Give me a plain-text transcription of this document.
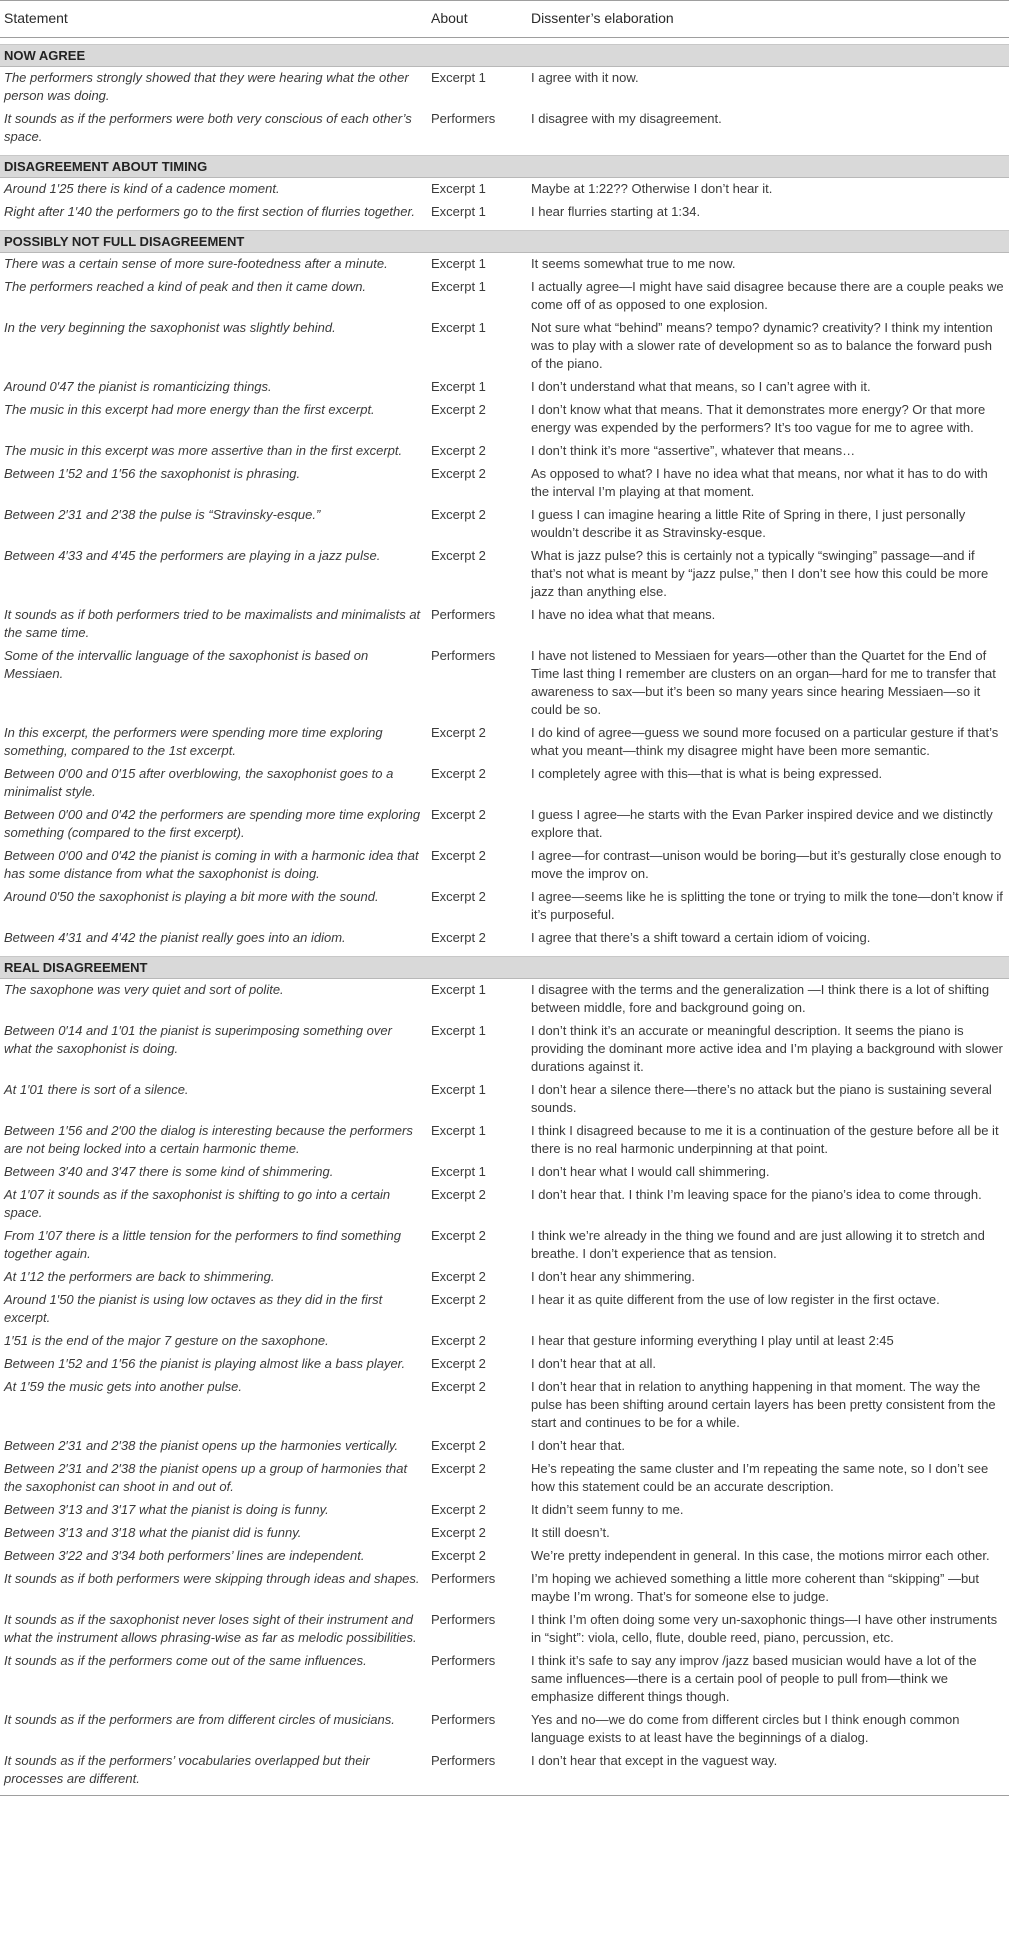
Statement	About	Dissenter’s elaboration

NOW AGREE		
The performers strongly showed that they were hearing what the other person was doing.	Excerpt 1	I agree with it now.
It sounds as if the performers were both very conscious of each other’s space.	Performers	I disagree with my disagreement.

DISAGREEMENT ABOUT TIMING		
Around 1′25 there is kind of a cadence moment.	Excerpt 1	Maybe at 1:22?? Otherwise I don’t hear it.
Right after 1′40 the performers go to the first section of flurries together.	Excerpt 1	I hear flurries starting at 1:34.

POSSIBLY NOT FULL DISAGREEMENT		
There was a certain sense of more sure-footedness after a minute.	Excerpt 1	It seems somewhat true to me now.
The performers reached a kind of peak and then it came down.	Excerpt 1	I actually agree—I might have said disagree because there are a couple peaks we come off of as opposed to one explosion.
In the very beginning the saxophonist was slightly behind.	Excerpt 1	Not sure what “behind” means? tempo? dynamic? creativity? I think my intention was to play with a slower rate of development so as to balance the forward push of the piano.
Around 0′47 the pianist is romanticizing things.	Excerpt 1	I don’t understand what that means, so I can’t agree with it.
The music in this excerpt had more energy than the first excerpt.	Excerpt 2	I don’t know what that means. That it demonstrates more energy? Or that more energy was expended by the performers? It’s too vague for me to agree with.
The music in this excerpt was more assertive than in the first excerpt.	Excerpt 2	I don’t think it’s more “assertive”, whatever that means…
Between 1′52 and 1′56 the saxophonist is phrasing.	Excerpt 2	As opposed to what? I have no idea what that means, nor what it has to do with the interval I’m playing at that moment.
Between 2′31 and 2′38 the pulse is “Stravinsky-esque.”	Excerpt 2	I guess I can imagine hearing a little Rite of Spring in there, I just personally wouldn’t describe it as Stravinsky-esque.
Between 4′33 and 4′45 the performers are playing in a jazz pulse.	Excerpt 2	What is jazz pulse? this is certainly not a typically “swinging” passage—and if that’s not what is meant by “jazz pulse,” then I don’t see how this could be more jazz than anything else.
It sounds as if both performers tried to be maximalists and minimalists at the same time.	Performers	I have no idea what that means.
Some of the intervallic language of the saxophonist is based on Messiaen.	Performers	I have not listened to Messiaen for years—other than the Quartet for the End of Time last thing I remember are clusters on an organ—hard for me to transfer that awareness to sax—but it’s been so many years since hearing Messiaen—so it could be so.
In this excerpt, the performers were spending more time exploring something, compared to the 1st excerpt.	Excerpt 2	I do kind of agree—guess we sound more focused on a particular gesture if that’s what you meant—think my disagree might have been more semantic.
Between 0′00 and 0′15 after overblowing, the saxophonist goes to a minimalist style.	Excerpt 2	I completely agree with this—that is what is being expressed.
Between 0′00 and 0′42 the performers are spending more time exploring something (compared to the first excerpt).	Excerpt 2	I guess I agree—he starts with the Evan Parker inspired device and we distinctly explore that.
Between 0′00 and 0′42 the pianist is coming in with a harmonic idea that has some distance from what the saxophonist is doing.	Excerpt 2	I agree—for contrast—unison would be boring—but it’s gesturally close enough to move the improv on.
Around 0′50 the saxophonist is playing a bit more with the sound.	Excerpt 2	I agree—seems like he is splitting the tone or trying to milk the tone—don’t know if it’s purposeful.
Between 4′31 and 4′42 the pianist really goes into an idiom.	Excerpt 2	I agree that there’s a shift toward a certain idiom of voicing.

REAL DISAGREEMENT		
The saxophone was very quiet and sort of polite.	Excerpt 1	I disagree with the terms and the generalization —I think there is a lot of shifting between middle, fore and background going on.
Between 0′14 and 1′01 the pianist is superimposing something over what the saxophonist is doing.	Excerpt 1	I don’t think it’s an accurate or meaningful description. It seems the piano is providing the dominant more active idea and I’m playing a background with slower durations against it.
At 1′01 there is sort of a silence.	Excerpt 1	I don’t hear a silence there—there’s no attack but the piano is sustaining several sounds.
Between 1′56 and 2′00 the dialog is interesting because the performers are not being locked into a certain harmonic theme.	Excerpt 1	I think I disagreed because to me it is a continuation of the gesture before all be it there is no real harmonic underpinning at that point.
Between 3′40 and 3′47 there is some kind of shimmering.	Excerpt 1	I don’t hear what I would call shimmering.
At 1′07 it sounds as if the saxophonist is shifting to go into a certain space.	Excerpt 2	I don’t hear that. I think I’m leaving space for the piano’s idea to come through.
From 1′07 there is a little tension for the performers to find something together again.	Excerpt 2	I think we’re already in the thing we found and are just allowing it to stretch and breathe. I don’t experience that as tension.
At 1′12 the performers are back to shimmering.	Excerpt 2	I don’t hear any shimmering.
Around 1′50 the pianist is using low octaves as they did in the first excerpt.	Excerpt 2	I hear it as quite different from the use of low register in the first octave.
1′51 is the end of the major 7 gesture on the saxophone.	Excerpt 2	I hear that gesture informing everything I play until at least 2:45
Between 1′52 and 1′56 the pianist is playing almost like a bass player.	Excerpt 2	I don’t hear that at all.
At 1′59 the music gets into another pulse.	Excerpt 2	I don’t hear that in relation to anything happening in that moment. The way the pulse has been shifting around certain layers has been pretty consistent from the start and continues to be for a while.
Between 2′31 and 2′38 the pianist opens up the harmonies vertically.	Excerpt 2	I don’t hear that.
Between 2′31 and 2′38 the pianist opens up a group of harmonies that the saxophonist can shoot in and out of.	Excerpt 2	He’s repeating the same cluster and I’m repeating the same note, so I don’t see how this statement could be an accurate description.
Between 3′13 and 3′17 what the pianist is doing is funny.	Excerpt 2	It didn’t seem funny to me.
Between 3′13 and 3′18 what the pianist did is funny.	Excerpt 2	It still doesn’t.
Between 3′22 and 3′34 both performers’ lines are independent.	Excerpt 2	We’re pretty independent in general. In this case, the motions mirror each other.
It sounds as if both performers were skipping through ideas and shapes.	Performers	I’m hoping we achieved something a little more coherent than “skipping” —but maybe I’m wrong. That’s for someone else to judge.
It sounds as if the saxophonist never loses sight of their instrument and what the instrument allows phrasing-wise as far as melodic possibilities.	Performers	I think I’m often doing some very un-saxophonic things—I have other instruments in “sight”: viola, cello, flute, double reed, piano, percussion, etc.
It sounds as if the performers come out of the same influences.	Performers	I think it’s safe to say any improv /jazz based musician would have a lot of the same influences—there is a certain pool of people to pull from—think we emphasize different things though.
It sounds as if the performers are from different circles of musicians.	Performers	Yes and no—we do come from different circles but I think enough common language exists to at least have the beginnings of a dialog.
It sounds as if the performers’ vocabularies overlapped but their processes are different.	Performers	I don’t hear that except in the vaguest way.
